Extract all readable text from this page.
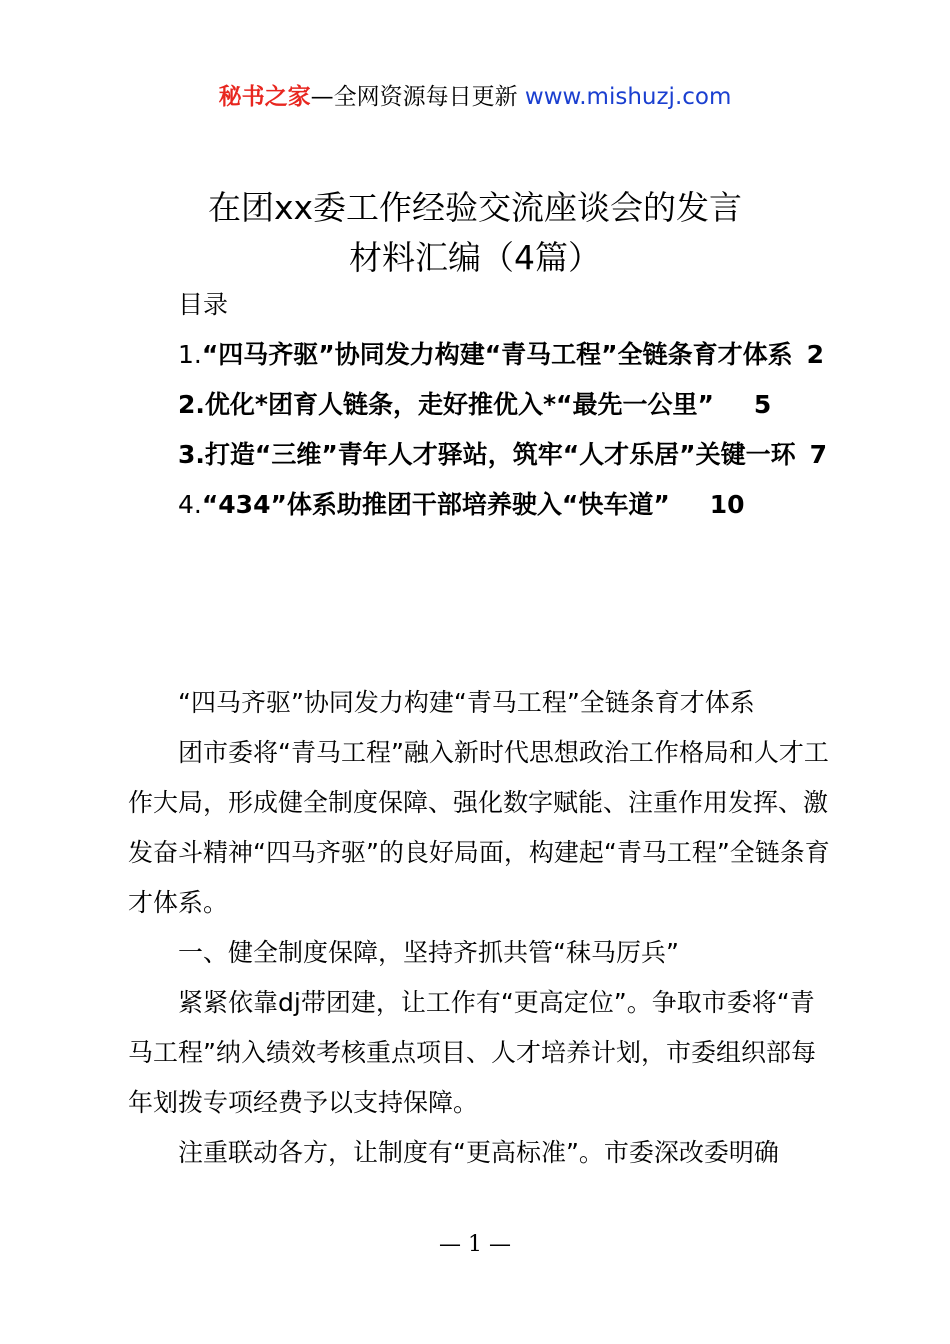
秘书之家—全网资源每日更新 www.mishuzj.com
在团xx委工作经验交流座谈会的发言
材料汇编（4篇）
目录
1.“四马齐驱”协同发力构建“青马工程”全链条育才体系 2
2.优化*团育人链条，走好推优入*“最先一公里” 5
3.打造“三维”青年人才驿站，筑牢“人才乐居”关键一环 7
4.“434”体系助推团干部培养驶入“快车道” 10

“四马齐驱”协同发力构建“青马工程”全链条育才体系

团市委将“青马工程”融入新时代思想政治工作格局和人才工作大局，形成健全制度保障、强化数字赋能、注重作用发挥、激发奋斗精神“四马齐驱”的良好局面，构建起“青马工程”全链条育才体系。

一、健全制度保障，坚持齐抓共管“秣马厉兵”

紧紧依靠dj带团建，让工作有“更高定位”。争取市委将“青马工程”纳入绩效考核重点项目、人才培养计划，市委组织部每年划拨专项经费予以支持保障。

注重联动各方，让制度有“更高标准”。市委深改委明确

— 1 —
